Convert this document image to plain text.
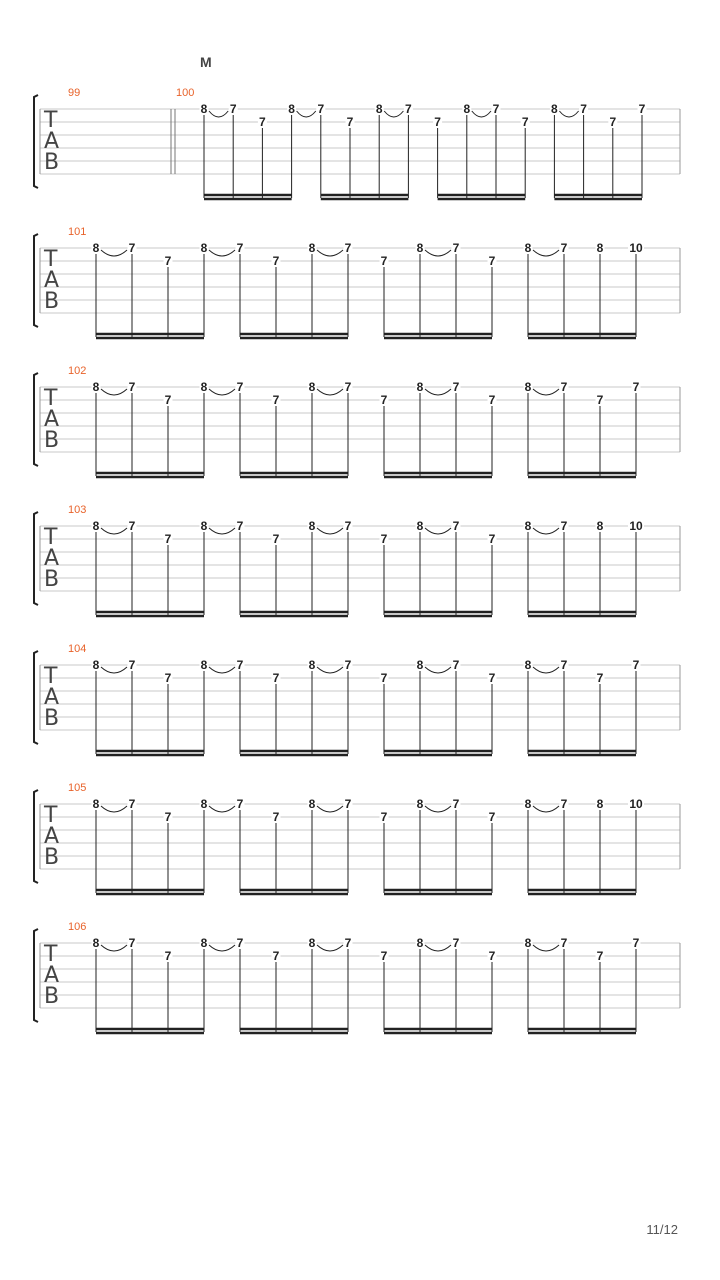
M
T
A
B
99	100
8 7
7
8 7
7
8 7
7
8 7
7
8 7
7
7
T
A
B
101
8 7
7
8 7
7
8 7
7
8 7
7
8 7 8 10
T
A
B
102
8 7
7
8 7
7
8 7
7
8 7
7
8 7
7
7
T
A
B
103
8 7
7
8 7
7
8 7
7
8 7
7
8 7 8 10
T
A
B
104
8 7
7
8 7
7
8 7
7
8 7
7
8 7
7
7
T
A
B
105
8 7
7
8 7
7
8 7
7
8 7
7
8 7 8 10
T
A
B
106
8 7
7
8 7
7
8 7
7
8 7
7
8 7
7
7
11/12
